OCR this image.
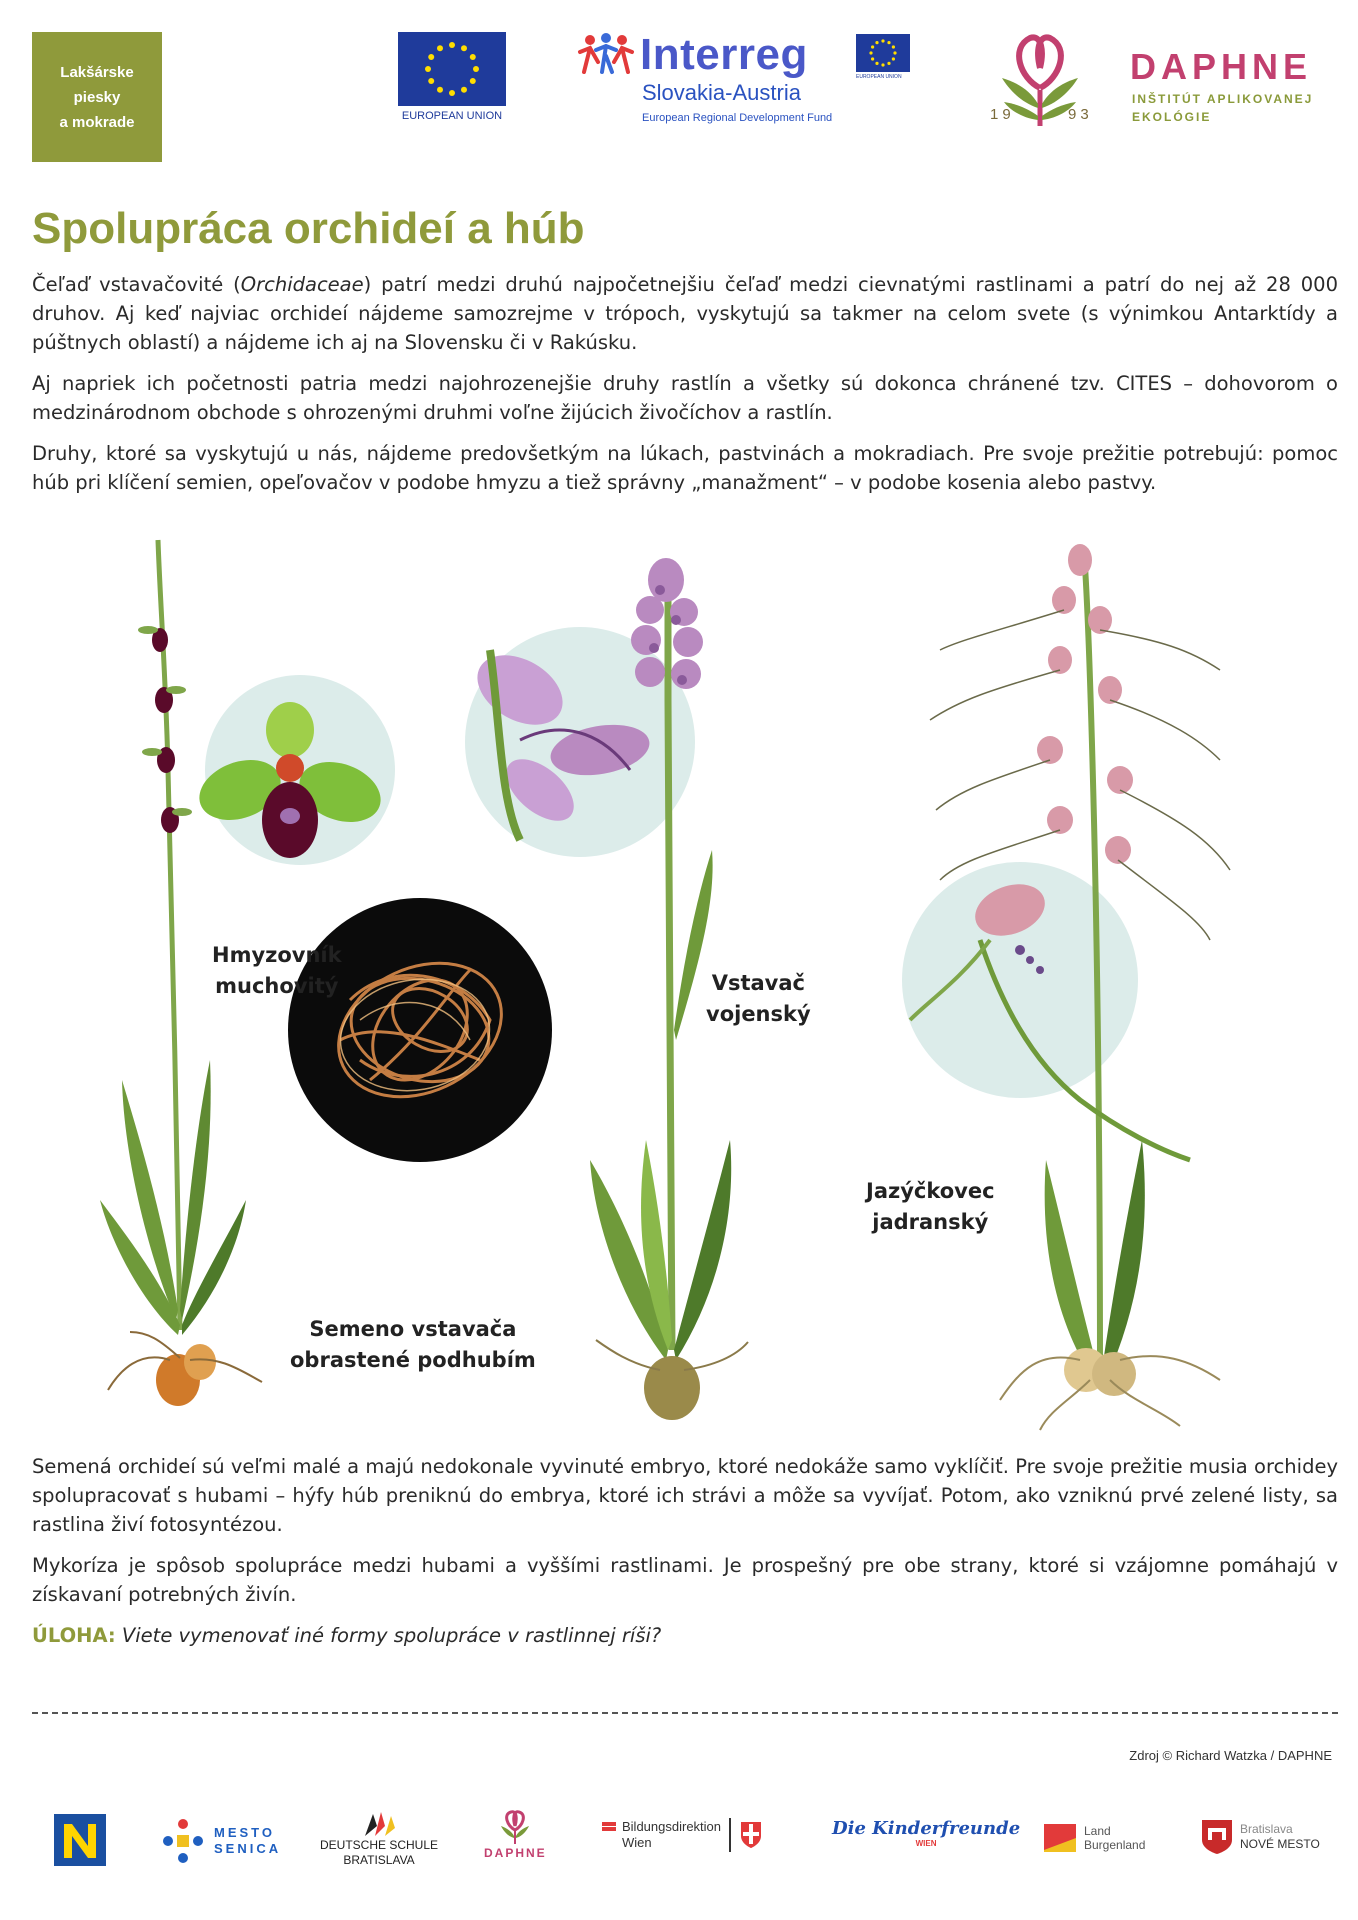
Lakšárske
piesky
a mokrade	EUROPEAN UNION
Interreg
Slovakia-Austria
European Regional Development Fund
EUROPEAN UNION
19	93
DAPHNE
INŠTITÚT APLIKOVANEJ
EKOLÓGIE
Spolupráca orchideí a húb

Čeľaď vstavačovité (Orchidaceae) patrí medzi druhú najpočetnejšiu čeľaď medzi cievnatými rastlinami a patrí do nej až 28 000 druhov. Aj keď najviac orchideí nájdeme samozrejme v trópoch, vyskytujú sa takmer na celom svete (s výnimkou Antarktídy a púštnych oblastí) a nájdeme ich aj na Slovensku či v Rakúsku.

Aj napriek ich početnosti patria medzi najohrozenejšie druhy rastlín a všetky sú dokonca chránené tzv. CITES – dohovorom o medzinárodnom obchode s ohrozenými druhmi voľne žijúcich živočíchov a rastlín.

Druhy, ktoré sa vyskytujú u nás, nájdeme predovšetkým na lúkach, pastvinách a mokradiach. Pre svoje prežitie potrebujú: pomoc húb pri klíčení semien, opeľovačov v podobe hmyzu a tiež správny „manažment“ – v podobe kosenia alebo pastvy.

Hmyzovník
muchovitý	Vstavač
vojenský
Jazýčkovec
jadranský
Semeno vstavača
obrastené podhubím

Semená orchideí sú veľmi malé a majú nedokonale vyvinuté embryo, ktoré nedokáže samo vyklíčiť. Pre svoje prežitie musia orchidey spolupracovať s hubami – hýfy húb preniknú do embrya, ktoré ich strávi a môže sa vyvíjať. Potom, ako vzniknú prvé zelené listy, sa rastlina živí fotosyntézou.

Mykoríza je spôsob spolupráce medzi hubami a vyššími rastlinami. Je prospešný pre obe strany, ktoré si vzájomne pomáhajú v získavaní potrebných živín.

ÚLOHA: Viete vymenovať iné formy spolupráce v rastlinnej ríši?

Zdroj © Richard Watzka / DAPHNE
MESTO
SENICA	DEUTSCHE SCHULE
BRATISLAVA	DAPHNE
Bildungsdirektion
Wien
Die Kinderfreunde
WIEN
Land
Burgenland
Bratislava
NOVÉ MESTO
